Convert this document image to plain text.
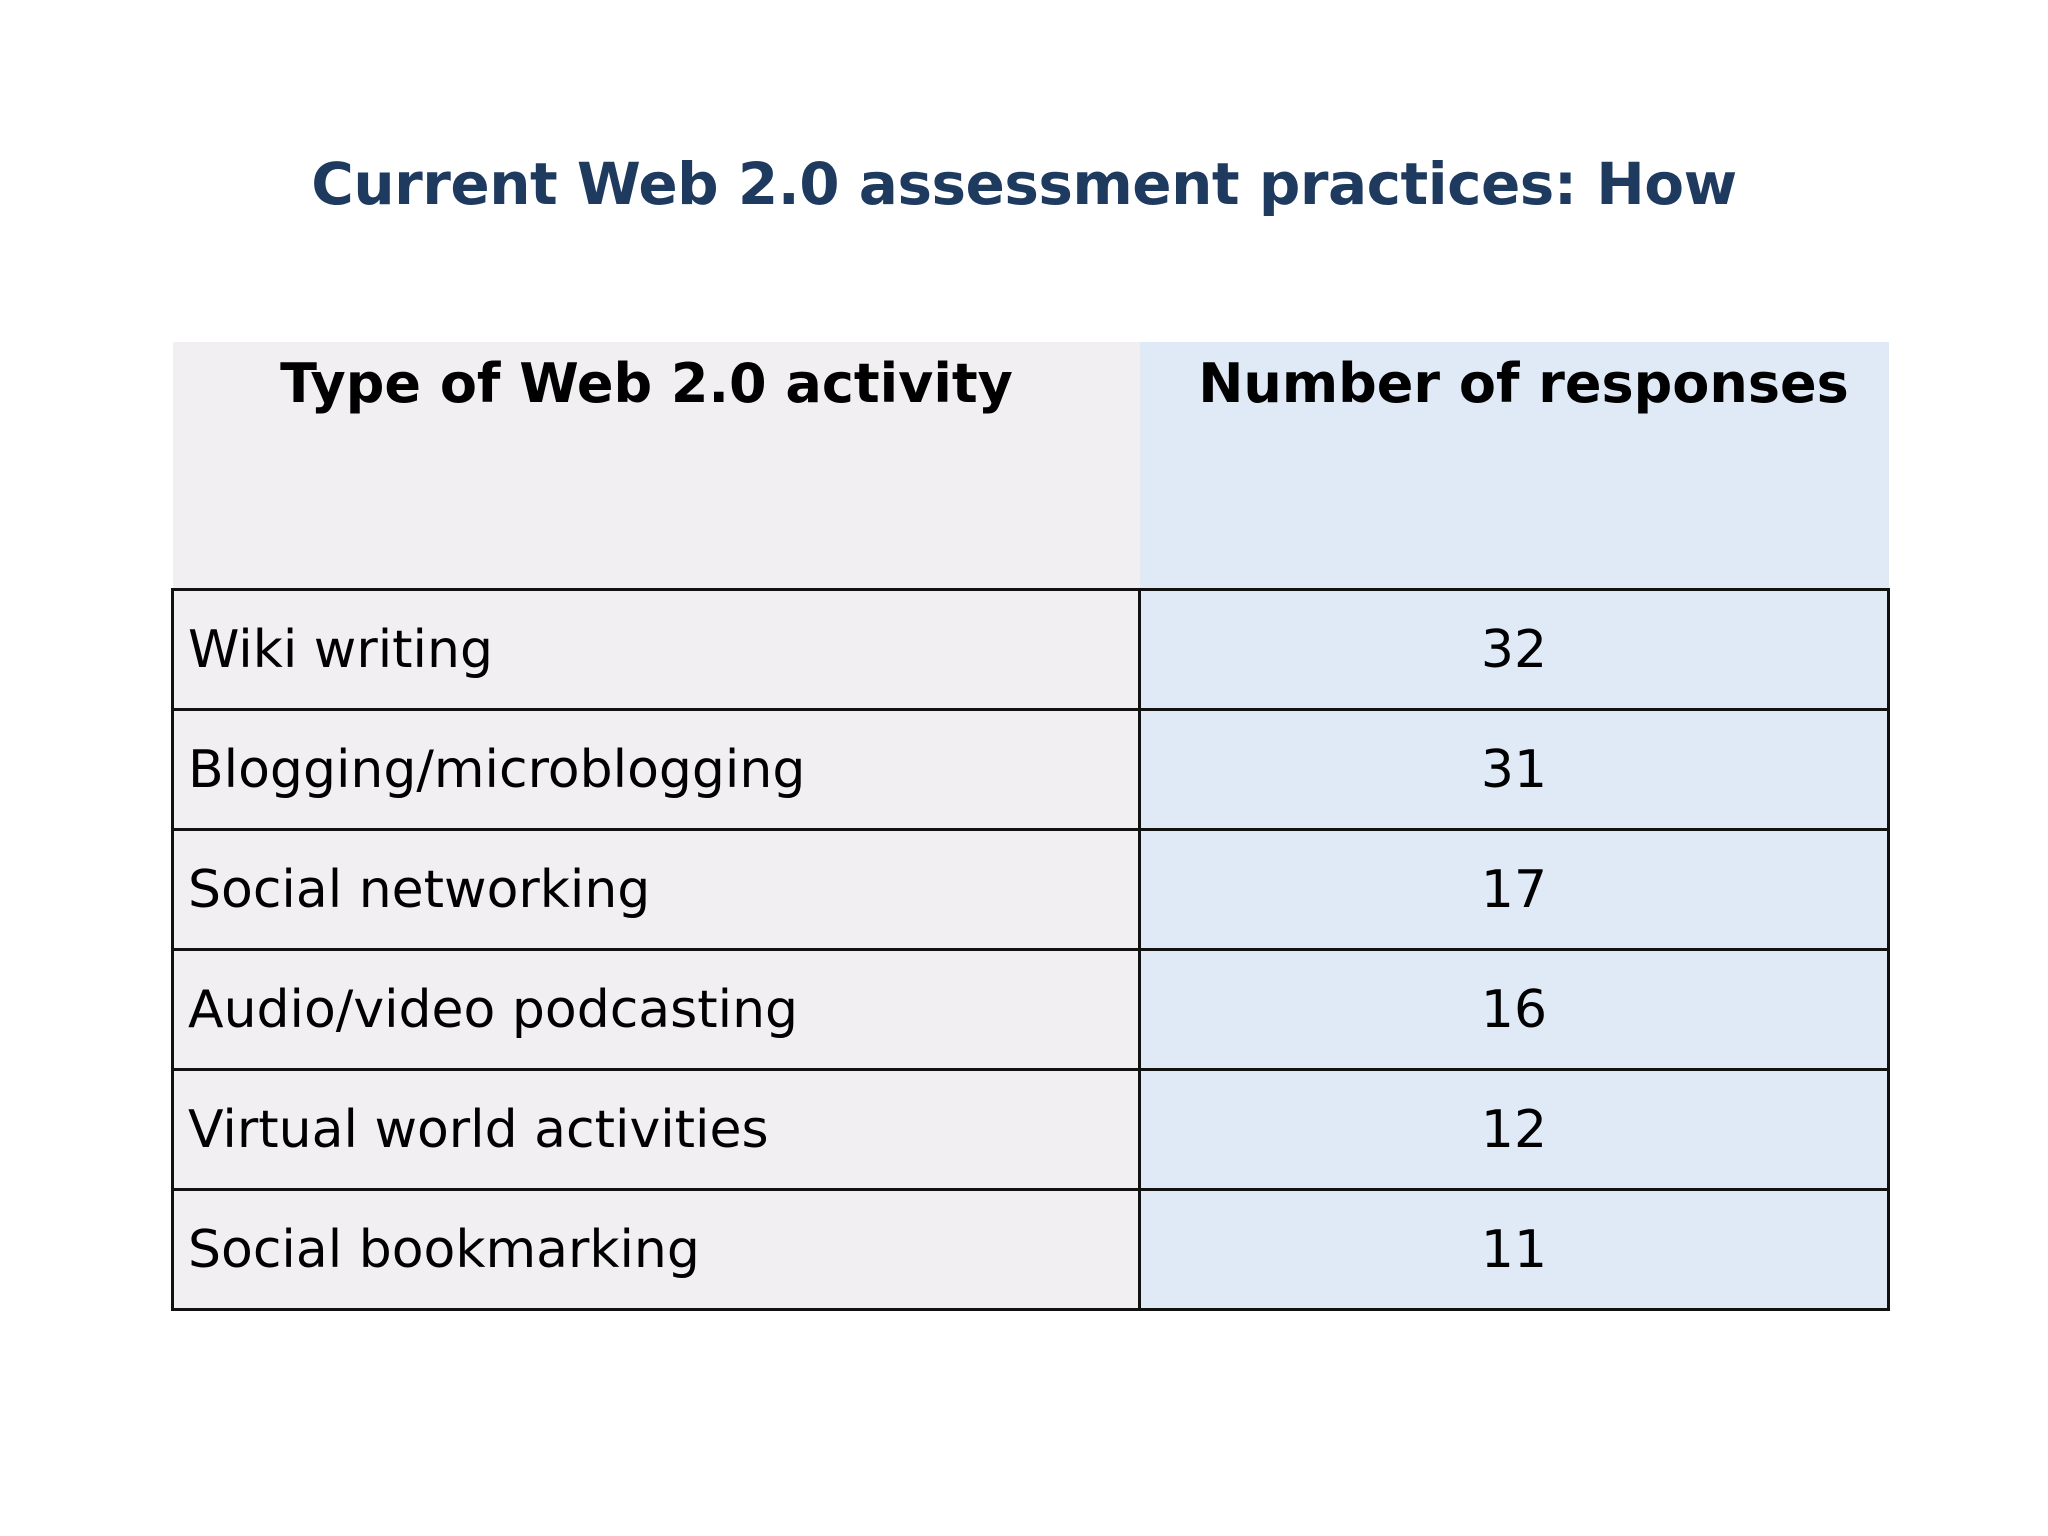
Current Web 2.0 assessment practices: How
Type of Web 2.0 activity	Number of responses
Wiki writing	32
Blogging/microblogging	31
Social networking	17
Audio/video podcasting	16
Virtual world activities	12
Social bookmarking	11
